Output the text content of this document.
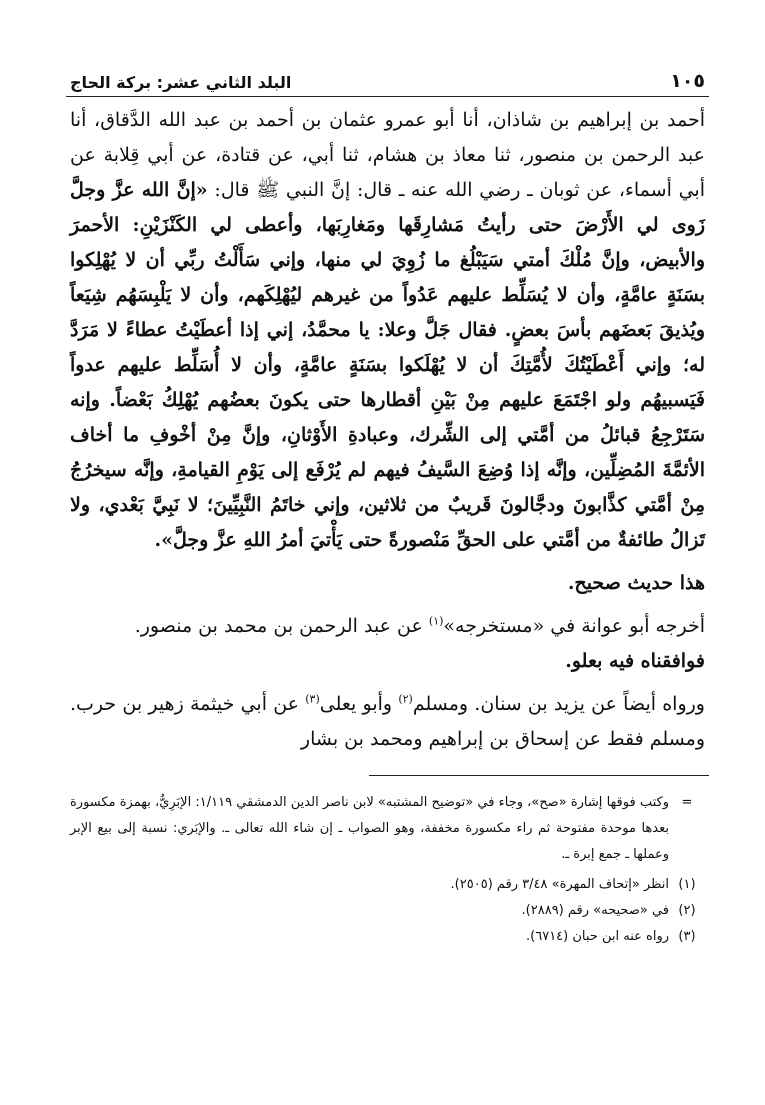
البلد الثاني عشر: بركة الحاج	١٠٥

أحمد بن إبراهيم بن شاذان، أنا أبو عمرو عثمان بن أحمد بن عبد الله الدَّقاق، أنا عبد الرحمن بن منصور، ثنا معاذ بن هشام، ثنا أبي، عن قتادة، عن أبي قِلابة عن أبي أسماء، عن ثوبان ـ رضي الله عنه ـ قال: إنَّ النبي ﷺ قال: «إنَّ الله عزَّ وجلَّ زَوى لي الأَرْضَ حتى رأيتُ مَشارِقَها ومَغارِبَها، وأعطى لي الكَنْزَيْنِ: الأحمرَ والأبيض، وإنَّ مُلْكَ أمتي سَيَبْلُغ ما زُوِيَ لي منها، وإني سَأَلْتُ ربِّي أن لا يُهْلِكوا بسَنَةٍ عامَّةٍ، وأن لا يُسَلِّط عليهم عَدُواً من غيرهم ليُهْلِكَهم، وأن لا يَلْبِسَهُم شِيَعاً ويُذيقَ بَعضَهم بأسَ بعضٍ. فقال جَلَّ وعلا: يا محمَّدُ، إني إذا أعطَيْتُ عطاءً لا مَرَدَّ له؛ وإني أَعْطَيْتُكَ لأُمَّتِكَ أن لا يُهْلَكوا بسَنَةٍ عامَّةٍ، وأن لا أُسَلِّط عليهم عدواً فَيَسبيهُم ولو اجْتَمَعَ عليهم مِنْ بَيْنِ أقطارها حتى يكونَ بعضُهم يُهْلِكُ بَعْضاً. وإنه سَتَرْجِعُ قبائلُ من أمَّتي إلى الشِّرك، وعبادةِ الأَوْثانِ، وإنَّ مِنْ أخْوفِ ما أخاف الأئمَّةَ المُضِلِّين، وإنَّه إذا وُضِعَ السَّيفُ فيهم لم يُرْفَع إلى يَوْمِ القيامةِ، وإنَّه سيخرُجُ مِنْ أمَّتي كذَّابونَ ودجَّالونَ قَريبٌ من ثلاثين، وإني خاتَمُ النَّبِيِّينَ؛ لا نَبِيَّ بَعْدي، ولا تَزالُ طائفةٌ من أمَّتي على الحقِّ مَنْصورةً حتى يَأْتيَ أمرُ اللهِ عزَّ وجلَّ».

هذا حديث صحيح.

أخرجه أبو عوانة في «مستخرجه»$^{(١)}$ عن عبد الرحمن بن محمد بن منصور.
فوافقناه فيه بعلو.

ورواه أيضاً عن يزيد بن سنان. ومسلم$^{(٢)}$ وأبو يعلى$^{(٣)}$ عن أبي خيثمة زهير بن حرب. ومسلم فقط عن إسحاق بن إبراهيم ومحمد بن بشار

=
وكتب فوقها إشارة «صح»، وجاء في «توضيح المشتبه» لابن ناصر الدين الدمشقي ١/١١٩: الإبَرِيُّ، بهمزة مكسورة بعدها موحدة مفتوحة ثم راء مكسورة مخففة، وهو الصواب ـ إن شاء الله تعالى ـ. والإبَري: نسبة إلى بيع الإبر وعملها ـ جمع إبرة ـ.
(١)
انظر «إتحاف المهرة» ٣/٤٨ رقم (٢٥٠٥).
(٢)
في «صحيحه» رقم (٢٨٨٩).
(٣)
رواه عنه ابن حبان (٦٧١٤).
